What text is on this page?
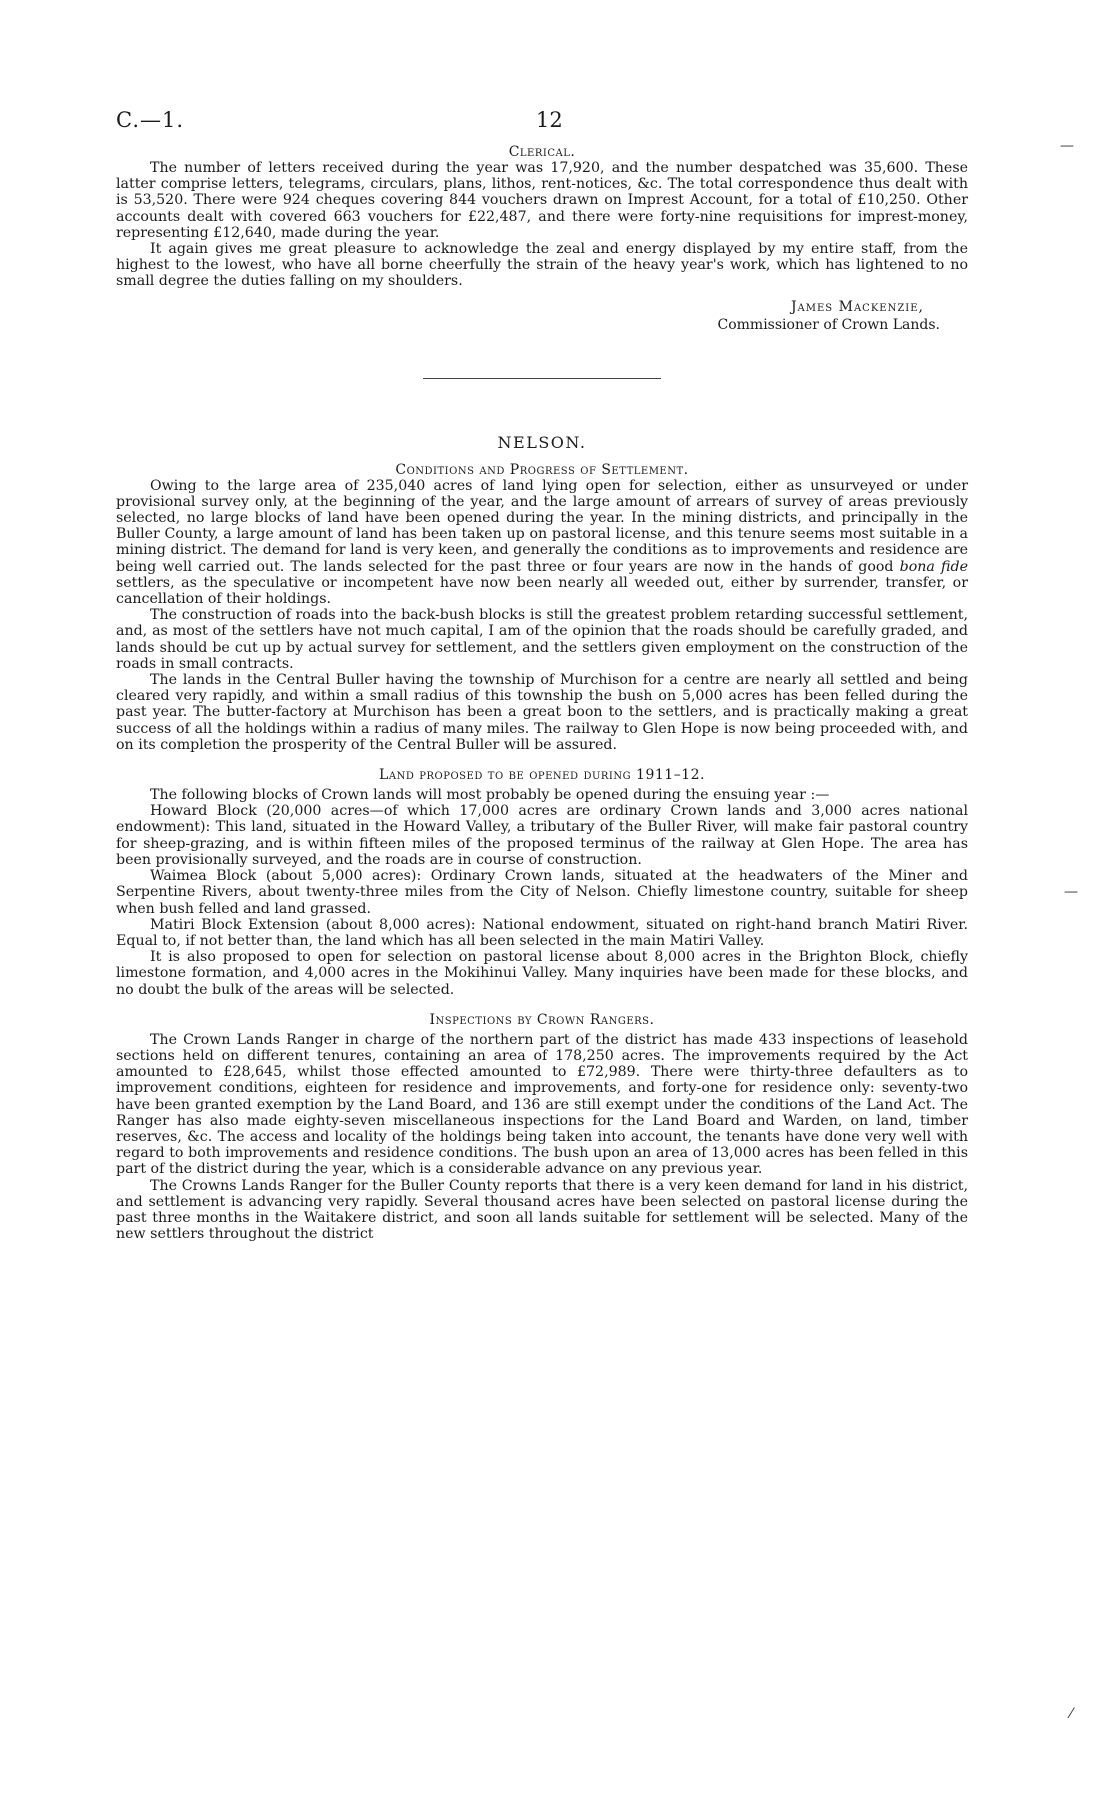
C.—1.	12
Clerical.

The number of letters received during the year was 17,920, and the number despatched was 35,600. These latter comprise letters, telegrams, circulars, plans, lithos, rent-notices, &c. The total correspondence thus dealt with is 53,520. There were 924 cheques covering 844 vouchers drawn on Imprest Account, for a total of £10,250. Other accounts dealt with covered 663 vouchers for £22,487, and there were forty-nine requisitions for imprest-money, representing £12,640, made during the year.

It again gives me great pleasure to acknowledge the zeal and energy displayed by my entire staff, from the highest to the lowest, who have all borne cheerfully the strain of the heavy year's work, which has lightened to no small degree the duties falling on my shoulders.

James Mackenzie,
Commissioner of Crown Lands.
NELSON.
Conditions and Progress of Settlement.

Owing to the large area of 235,040 acres of land lying open for selection, either as unsurveyed or under provisional survey only, at the beginning of the year, and the large amount of arrears of survey of areas previously selected, no large blocks of land have been opened during the year. In the mining districts, and principally in the Buller County, a large amount of land has been taken up on pastoral license, and this tenure seems most suitable in a mining district. The demand for land is very keen, and generally the conditions as to improvements and residence are being well carried out. The lands selected for the past three or four years are now in the hands of good bona fide settlers, as the speculative or incompetent have now been nearly all weeded out, either by surrender, transfer, or cancellation of their holdings.

The construction of roads into the back-bush blocks is still the greatest problem retarding successful settlement, and, as most of the settlers have not much capital, I am of the opinion that the roads should be carefully graded, and lands should be cut up by actual survey for settlement, and the settlers given employment on the construction of the roads in small contracts.

The lands in the Central Buller having the township of Murchison for a centre are nearly all settled and being cleared very rapidly, and within a small radius of this township the bush on 5,000 acres has been felled during the past year. The butter-factory at Murchison has been a great boon to the settlers, and is practically making a great success of all the holdings within a radius of many miles. The railway to Glen Hope is now being proceeded with, and on its completion the prosperity of the Central Buller will be assured.

Land proposed to be opened during 1911–12.

The following blocks of Crown lands will most probably be opened during the ensuing year :—

Howard Block (20,000 acres—of which 17,000 acres are ordinary Crown lands and 3,000 acres national endowment): This land, situated in the Howard Valley, a tributary of the Buller River, will make fair pastoral country for sheep-grazing, and is within fifteen miles of the proposed terminus of the railway at Glen Hope. The area has been provisionally surveyed, and the roads are in course of construction.

Waimea Block (about 5,000 acres): Ordinary Crown lands, situated at the headwaters of the Miner and Serpentine Rivers, about twenty-three miles from the City of Nelson. Chiefly limestone country, suitable for sheep when bush felled and land grassed.

Matiri Block Extension (about 8,000 acres): National endowment, situated on right-hand branch Matiri River. Equal to, if not better than, the land which has all been selected in the main Matiri Valley.

It is also proposed to open for selection on pastoral license about 8,000 acres in the Brighton Block, chiefly limestone formation, and 4,000 acres in the Mokihinui Valley. Many inquiries have been made for these blocks, and no doubt the bulk of the areas will be selected.

Inspections by Crown Rangers.

The Crown Lands Ranger in charge of the northern part of the district has made 433 inspections of leasehold sections held on different tenures, containing an area of 178,250 acres. The improvements required by the Act amounted to £28,645, whilst those effected amounted to £72,989. There were thirty-three defaulters as to improvement conditions, eighteen for residence and improvements, and forty-one for residence only: seventy-two have been granted exemption by the Land Board, and 136 are still exempt under the conditions of the Land Act. The Ranger has also made eighty-seven miscellaneous inspections for the Land Board and Warden, on land, timber reserves, &c. The access and locality of the holdings being taken into account, the tenants have done very well with regard to both improvements and residence conditions. The bush upon an area of 13,000 acres has been felled in this part of the district during the year, which is a considerable advance on any previous year.

The Crowns Lands Ranger for the Buller County reports that there is a very keen demand for land in his district, and settlement is advancing very rapidly. Several thousand acres have been selected on pastoral license during the past three months in the Waitakere district, and soon all lands suitable for settlement will be selected. Many of the new settlers throughout the district

—
—
⁄
